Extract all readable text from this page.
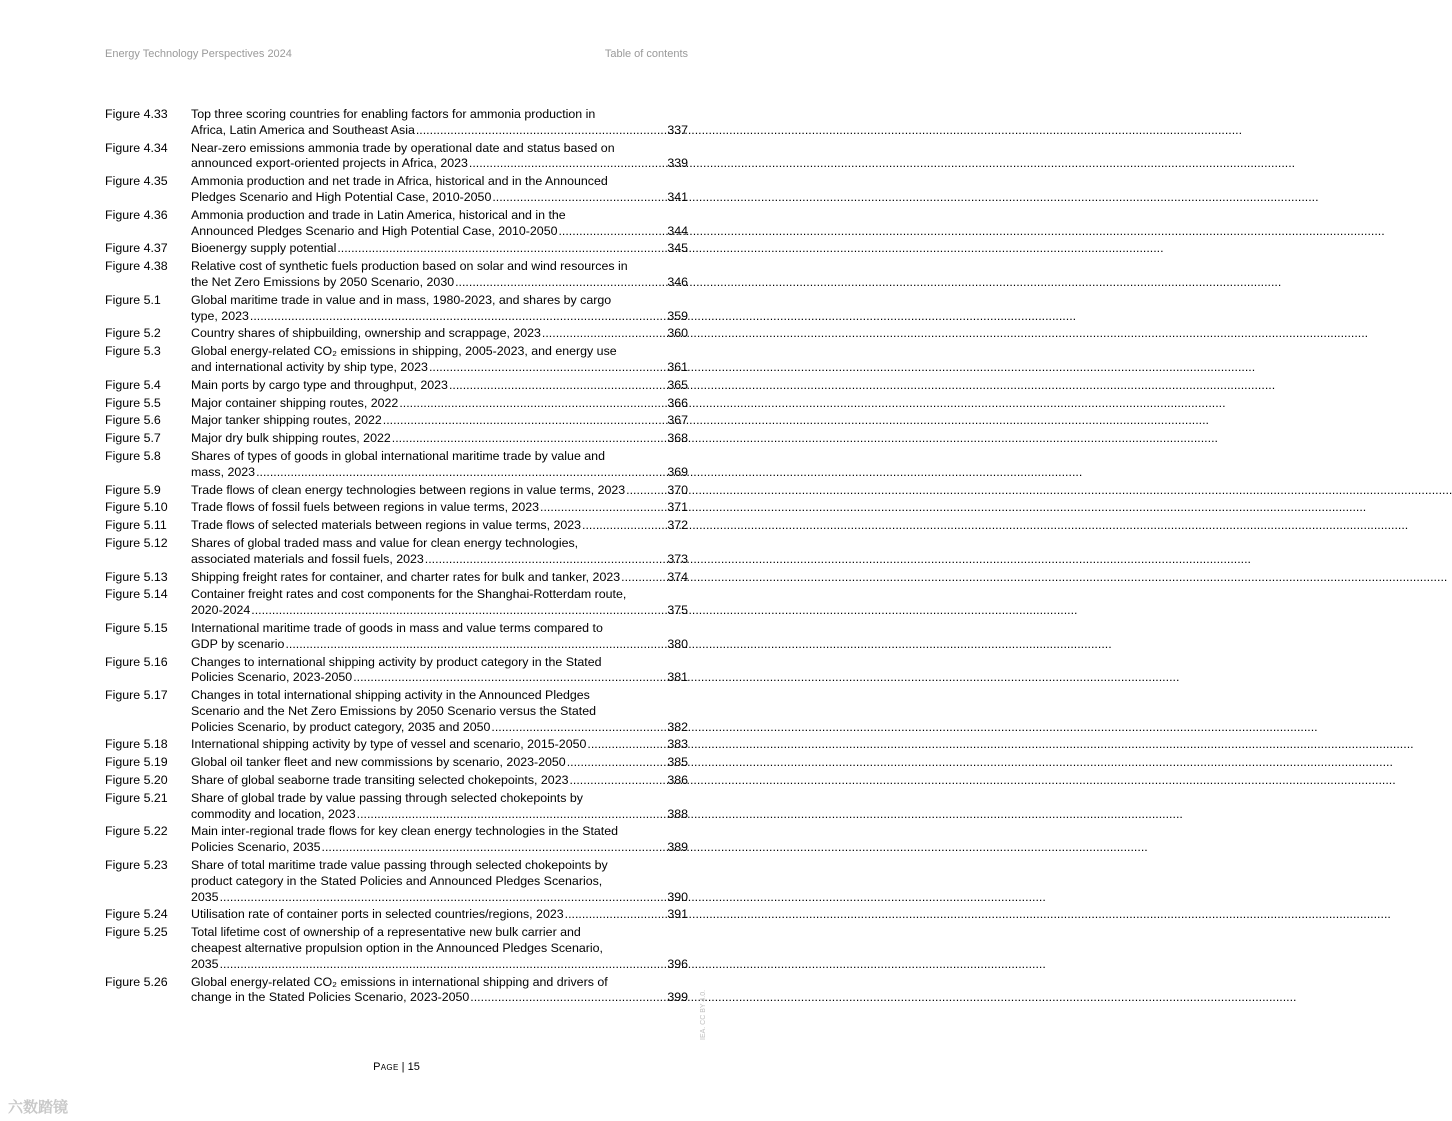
Energy Technology Perspectives 2024	Table of contents
Figure 4.33	Top three scoring countries for enabling factors for ammonia production in
Africa, Latin America and Southeast Asia .....	337
Figure 4.34	Near-zero emissions ammonia trade by operational date and status based on
announced export-oriented projects in Africa, 2023 .....	339
Figure 4.35	Ammonia production and net trade in Africa, historical and in the Announced
Pledges Scenario and High Potential Case, 2010-2050 .....	341
Figure 4.36	Ammonia production and trade in Latin America, historical and in the
Announced Pledges Scenario and High Potential Case, 2010-2050 .....	344
Figure 4.37	Bioenergy supply potential .....	345
Figure 4.38	Relative cost of synthetic fuels production based on solar and wind resources in
the Net Zero Emissions by 2050 Scenario, 2030 .....	346
Figure 5.1	Global maritime trade in value and in mass, 1980-2023, and shares by cargo
type, 2023 .....	359
Figure 5.2	Country shares of shipbuilding, ownership and scrappage, 2023 .....	360
Figure 5.3	Global energy-related CO₂ emissions in shipping, 2005-2023, and energy use
and international activity by ship type, 2023 .....	361
Figure 5.4	Main ports by cargo type and throughput, 2023 .....	365
Figure 5.5	Major container shipping routes, 2022 .....	366
Figure 5.6	Major tanker shipping routes, 2022 .....	367
Figure 5.7	Major dry bulk shipping routes, 2022 .....	368
Figure 5.8	Shares of types of goods in global international maritime trade by value and
mass, 2023 .....	369
Figure 5.9	Trade flows of clean energy technologies between regions in value terms, 2023 .....	370
Figure 5.10	Trade flows of fossil fuels between regions in value terms, 2023 .....	371
Figure 5.11	Trade flows of selected materials between regions in value terms, 2023 .....	372
Figure 5.12	Shares of global traded mass and value for clean energy technologies,
associated materials and fossil fuels, 2023 .....	373
Figure 5.13	Shipping freight rates for container, and charter rates for bulk and tanker, 2023 .....	374
Figure 5.14	Container freight rates and cost components for the Shanghai-Rotterdam route,
2020-2024 .....	375
Figure 5.15	International maritime trade of goods in mass and value terms compared to
GDP by scenario .....	380
Figure 5.16	Changes to international shipping activity by product category in the Stated
Policies Scenario, 2023-2050 .....	381
Figure 5.17	Changes in total international shipping activity in the Announced Pledges
Scenario and the Net Zero Emissions by 2050 Scenario versus the Stated
Policies Scenario, by product category, 2035 and 2050 .....	382
Figure 5.18	International shipping activity by type of vessel and scenario, 2015-2050 .....	383
Figure 5.19	Global oil tanker fleet and new commissions by scenario, 2023-2050 .....	385
Figure 5.20	Share of global seaborne trade transiting selected chokepoints, 2023 .....	386
Figure 5.21	Share of global trade by value passing through selected chokepoints by
commodity and location, 2023 .....	388
Figure 5.22	Main inter-regional trade flows for key clean energy technologies in the Stated
Policies Scenario, 2035 .....	389
Figure 5.23	Share of total maritime trade value passing through selected chokepoints by
product category in the Stated Policies and Announced Pledges Scenarios,
2035 .....	390
Figure 5.24	Utilisation rate of container ports in selected countries/regions, 2023 .....	391
Figure 5.25	Total lifetime cost of ownership of a representative new bulk carrier and
cheapest alternative propulsion option in the Announced Pledges Scenario,
2035 .....	396
Figure 5.26	Global energy-related CO₂ emissions in international shipping and drivers of
change in the Stated Policies Scenario, 2023-2050 .....	399
Page | 15
IEA. CC BY 4.0.
六数踏镜
